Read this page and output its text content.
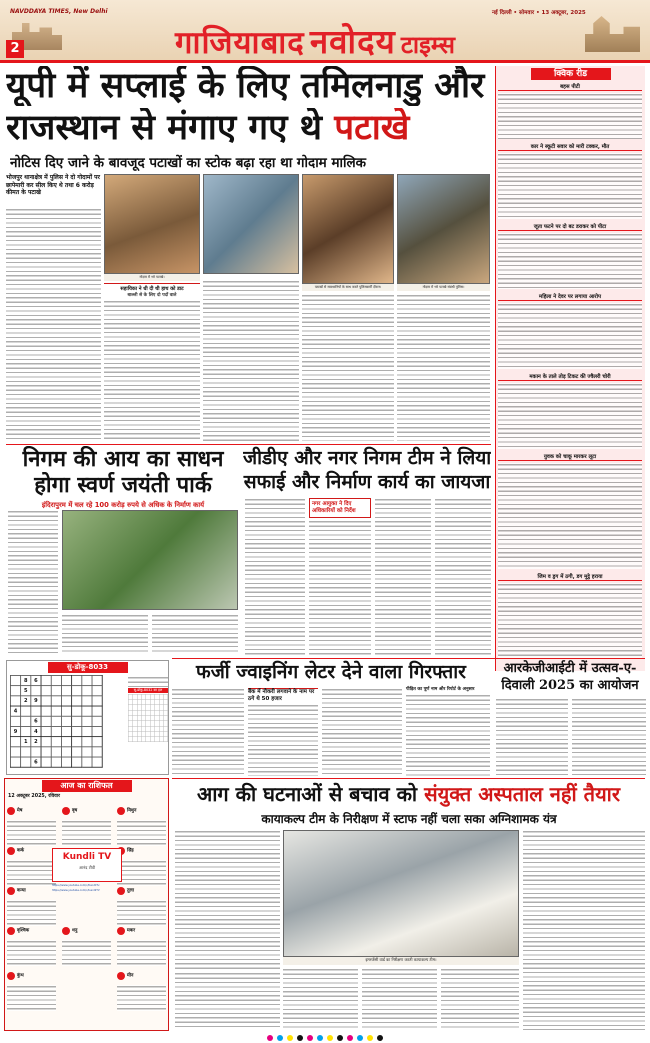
NAVDDAYA TIMES, New Delhi
गाजियाबाद नवोदय टाइम्स
नई दिल्ली • सोमवार • 13 अक्टूबर, 2025
2
यूपी में सप्लाई के लिए तमिलनाडु और
राजस्थान से मंगाए गए थे पटाखे
नोटिस दिए जाने के बावजूद पटाखों का स्टोक बढ़ा रहा था गोदाम मालिक
भोजपुर थानाक्षेत्र में पुलिस ने दो गोदामों पर छापेमारी कर सील किए थे तथा 6 करोड़ कीमत के पटाखे
गोदाम में भरे पटाखे।
पटाखों से सावधानियों के साथ करते पुलिसकर्मी दौरान।	गोदाम में भरे पटाखे संबंधी पुलिस।
सहायिका ने धी दी थी हाथ को डाट
बाल्ली से के लिए दो पदों वाले
क्विक रीड
बहस पीटी
कार ने स्कूटी सवार को मारी टक्कर, मौत
जूता फटने पर दो बट डराकर को पीटा
महिला ने देवर पर लगाया आरोप
मकान के ताले तोड़ टिकट की ज्वैलरी चोरी
युवक को चाकू मारकर लूटा
जिम व ड्रग में ठगी, डग मुट्ठे हराया
निगम की आय का साधन
होगा स्वर्ण जयंती पार्क
इंदिरापुरम में चल रहे 100 करोड़ रुपये से अधिक के निर्माण कार्य
जीडीए और नगर निगम टीम ने लिया
सफाई और निर्माण कार्य का जायजा
नगर आयुक्त ने दिए अधिकारियों को निर्देश
सु-डोकू-8033
	8	6						
	5							
	2	9						
4								
		6						
9		4						
	1	2						

		6						
सु-डोकू-8032 का हल
फर्जी ज्वाइनिंग लेटर देने वाला गिरफ्तार
बैंक में नौकरी लगवाने के नाम पर ठगे थे 50 हजार
पीड़ित का पूर्ण नाम और रिपोर्ट के अनुसार
आरकेजीआईटी में उत्सव-ए-
दिवाली 2025 का आयोजन
आज का राशिफल
12 अक्टूबर 2025, रविवार
मेष	वृष	मिथुन
कर्क	सिंह
कन्या	तुला
वृश्चिक	धनु	मकर
कुंभ	मीन
Kundli TV
आनंद टीवी
https://www.youtube.com/c/KundliTv
https://www.youtube.com/c/kundliTV
आग की घटनाओं से बचाव को संयुक्त अस्पताल नहीं तैयार
कायाकल्प टीम के निरीक्षण में स्टाफ नहीं चला सका अग्निशामक यंत्र
इमरजेंसी वार्ड का निरीक्षण करती कायाकल्प टीम।
